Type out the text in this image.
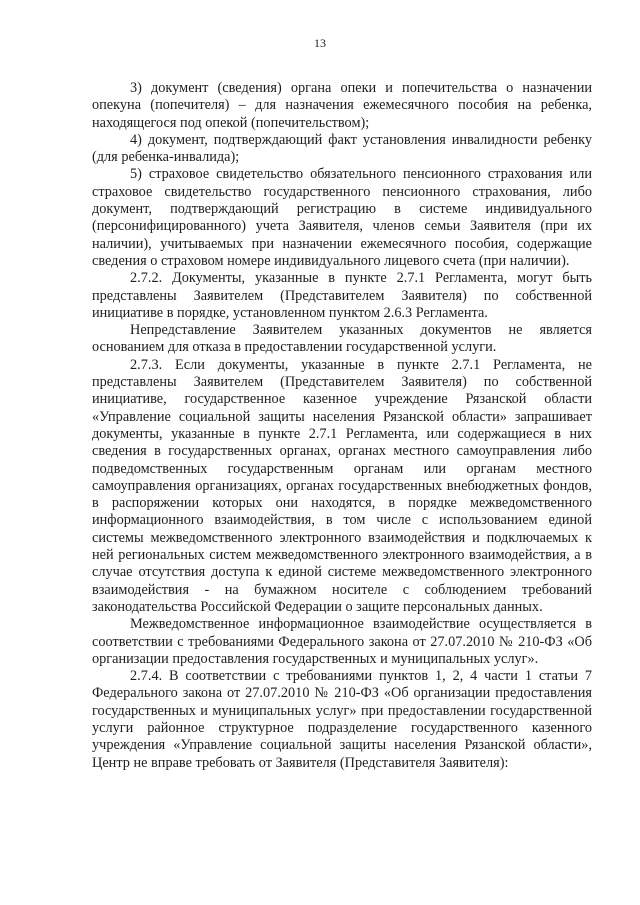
13

3) документ (сведения) органа опеки и попечительства о назначении опекуна (попечителя) – для назначения ежемесячного пособия на ребенка, находящегося под опекой (попечительством);

4) документ, подтверждающий факт установления инвалидности ребенку (для ребенка-инвалида);

5) страховое свидетельство обязательного пенсионного страхования или страховое свидетельство государственного пенсионного страхования, либо документ, подтверждающий регистрацию в системе индивидуального (персонифицированного) учета Заявителя, членов семьи Заявителя (при их наличии), учитываемых при назначении ежемесячного пособия, содержащие сведения о страховом номере индивидуального лицевого счета (при наличии).

2.7.2. Документы, указанные в пункте 2.7.1 Регламента, могут быть представлены Заявителем (Представителем Заявителя) по собственной инициативе в порядке, установленном пунктом 2.6.3 Регламента.

Непредставление Заявителем указанных документов не является основанием для отказа в предоставлении государственной услуги.

2.7.3. Если документы, указанные в пункте 2.7.1 Регламента, не представлены Заявителем (Представителем Заявителя) по собственной инициативе, государственное казенное учреждение Рязанской области «Управление социальной защиты населения Рязанской области» запрашивает документы, указанные в пункте 2.7.1 Регламента, или содержащиеся в них сведения в государственных органах, органах местного самоуправления либо подведомственных государственным органам или органам местного самоуправления организациях, органах государственных внебюджетных фондов, в распоряжении которых они находятся, в порядке межведомственного информационного взаимодействия, в том числе с использованием единой системы межведомственного электронного взаимодействия и подключаемых к ней региональных систем межведомственного электронного взаимодействия, а в случае отсутствия доступа к единой системе межведомственного электронного взаимодействия - на бумажном носителе с соблюдением требований законодательства Российской Федерации о защите персональных данных.

Межведомственное информационное взаимодействие осуществляется в соответствии с требованиями Федерального закона от 27.07.2010 № 210-ФЗ «Об организации предоставления государственных и муниципальных услуг».

2.7.4. В соответствии с требованиями пунктов 1, 2, 4 части 1 статьи 7 Федерального закона от 27.07.2010 № 210-ФЗ «Об организации предоставления государственных и муниципальных услуг» при предоставлении государственной услуги районное структурное подразделение государственного казенного учреждения «Управление социальной защиты населения Рязанской области», Центр не вправе требовать от Заявителя (Представителя Заявителя):
